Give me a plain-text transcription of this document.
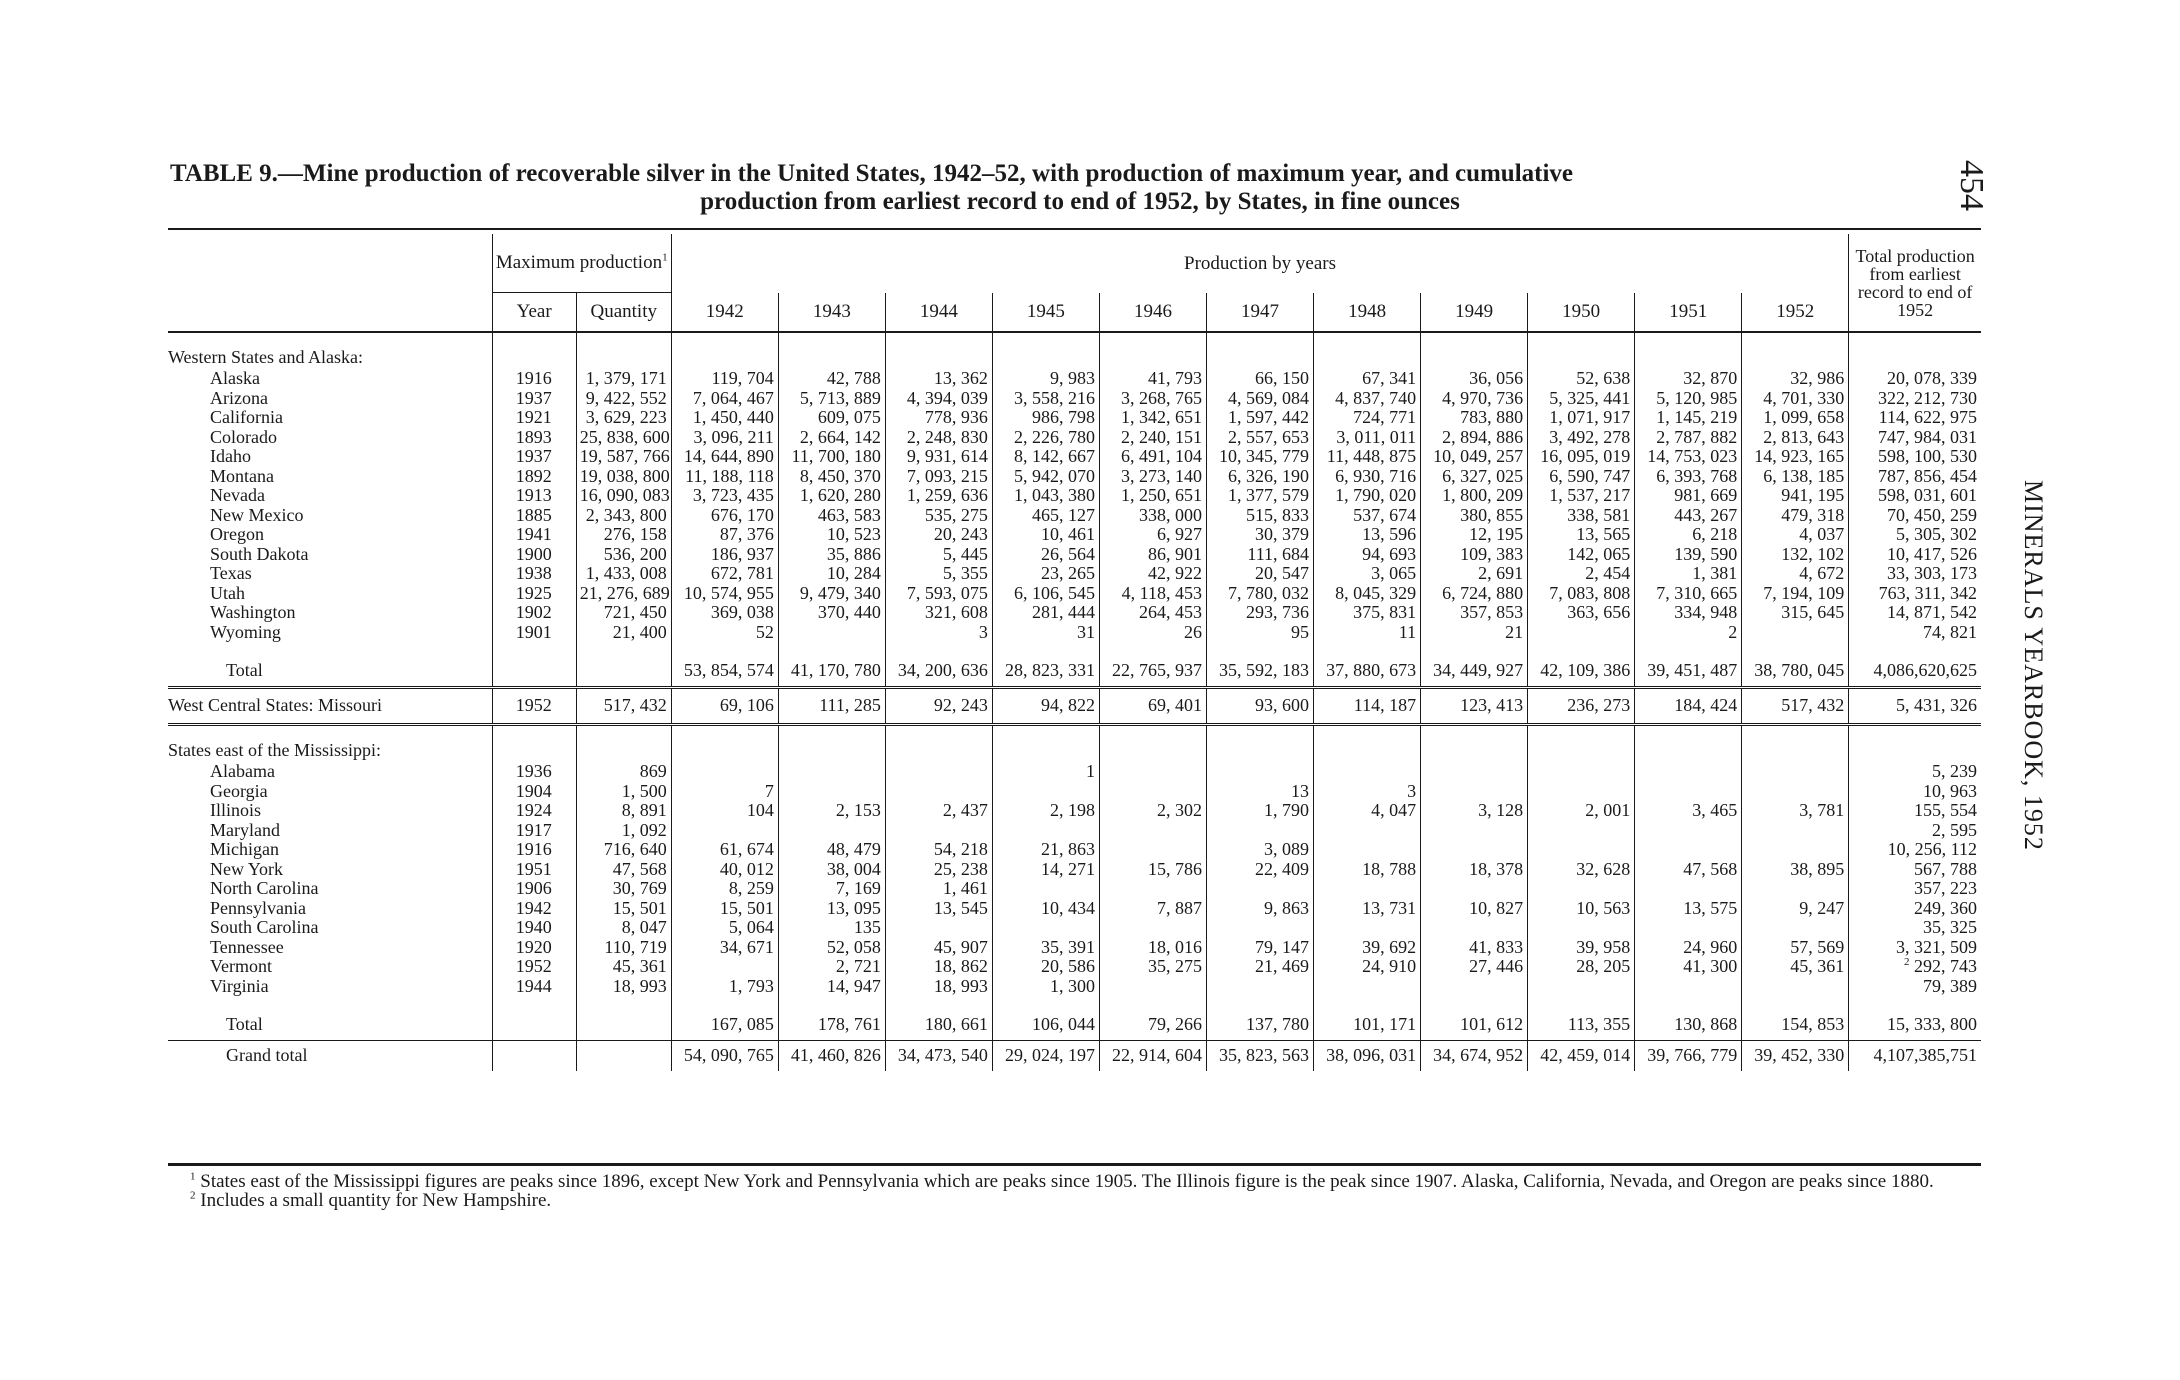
TABLE 9.—Mine production of recoverable silver in the United States, 1942–52, with production of maximum year, and cumulative
production from earliest record to end of 1952, by States, in fine ounces	454
MINERALS YEARBOOK, 1952
	Maximum production$^1$		Production by years											Total production from earliest record to end of 1952
	Year	Quantity	1942	1943	1944	1945	1946	1947	1948	1949	1950	1951	1952	

Western States and Alaska:														
Alaska	1916	1, 379, 171	119, 704	42, 788	13, 362	9, 983	41, 793	66, 150	67, 341	36, 056	52, 638	32, 870	32, 986	20, 078, 339
Arizona	1937	9, 422, 552	7, 064, 467	5, 713, 889	4, 394, 039	3, 558, 216	3, 268, 765	4, 569, 084	4, 837, 740	4, 970, 736	5, 325, 441	5, 120, 985	4, 701, 330	322, 212, 730
California	1921	3, 629, 223	1, 450, 440	609, 075	778, 936	986, 798	1, 342, 651	1, 597, 442	724, 771	783, 880	1, 071, 917	1, 145, 219	1, 099, 658	114, 622, 975
Colorado	1893	25, 838, 600	3, 096, 211	2, 664, 142	2, 248, 830	2, 226, 780	2, 240, 151	2, 557, 653	3, 011, 011	2, 894, 886	3, 492, 278	2, 787, 882	2, 813, 643	747, 984, 031
Idaho	1937	19, 587, 766	14, 644, 890	11, 700, 180	9, 931, 614	8, 142, 667	6, 491, 104	10, 345, 779	11, 448, 875	10, 049, 257	16, 095, 019	14, 753, 023	14, 923, 165	598, 100, 530
Montana	1892	19, 038, 800	11, 188, 118	8, 450, 370	7, 093, 215	5, 942, 070	3, 273, 140	6, 326, 190	6, 930, 716	6, 327, 025	6, 590, 747	6, 393, 768	6, 138, 185	787, 856, 454
Nevada	1913	16, 090, 083	3, 723, 435	1, 620, 280	1, 259, 636	1, 043, 380	1, 250, 651	1, 377, 579	1, 790, 020	1, 800, 209	1, 537, 217	981, 669	941, 195	598, 031, 601
New Mexico	1885	2, 343, 800	676, 170	463, 583	535, 275	465, 127	338, 000	515, 833	537, 674	380, 855	338, 581	443, 267	479, 318	70, 450, 259
Oregon	1941	276, 158	87, 376	10, 523	20, 243	10, 461	6, 927	30, 379	13, 596	12, 195	13, 565	6, 218	4, 037	5, 305, 302
South Dakota	1900	536, 200	186, 937	35, 886	5, 445	26, 564	86, 901	111, 684	94, 693	109, 383	142, 065	139, 590	132, 102	10, 417, 526
Texas	1938	1, 433, 008	672, 781	10, 284	5, 355	23, 265	42, 922	20, 547	3, 065	2, 691	2, 454	1, 381	4, 672	33, 303, 173
Utah	1925	21, 276, 689	10, 574, 955	9, 479, 340	7, 593, 075	6, 106, 545	4, 118, 453	7, 780, 032	8, 045, 329	6, 724, 880	7, 083, 808	7, 310, 665	7, 194, 109	763, 311, 342
Washington	1902	721, 450	369, 038	370, 440	321, 608	281, 444	264, 453	293, 736	375, 831	357, 853	363, 656	334, 948	315, 645	14, 871, 542
Wyoming	1901	21, 400	52		3	31	26	95	11	21		2		74, 821

Total			53, 854, 574	41, 170, 780	34, 200, 636	28, 823, 331	22, 765, 937	35, 592, 183	37, 880, 673	34, 449, 927	42, 109, 386	39, 451, 487	38, 780, 045	4,086,620,625
West Central States: Missouri	1952	517, 432	69, 106	111, 285	92, 243	94, 822	69, 401	93, 600	114, 187	123, 413	236, 273	184, 424	517, 432	5, 431, 326

States east of the Mississippi:														
Alabama	1936	869				1								5, 239
Georgia	1904	1, 500	7					13	3					10, 963
Illinois	1924	8, 891	104	2, 153	2, 437	2, 198	2, 302	1, 790	4, 047	3, 128	2, 001	3, 465	3, 781	155, 554
Maryland	1917	1, 092												2, 595
Michigan	1916	716, 640	61, 674	48, 479	54, 218	21, 863		3, 089						10, 256, 112
New York	1951	47, 568	40, 012	38, 004	25, 238	14, 271	15, 786	22, 409	18, 788	18, 378	32, 628	47, 568	38, 895	567, 788
North Carolina	1906	30, 769	8, 259	7, 169	1, 461									357, 223
Pennsylvania	1942	15, 501	15, 501	13, 095	13, 545	10, 434	7, 887	9, 863	13, 731	10, 827	10, 563	13, 575	9, 247	249, 360
South Carolina	1940	8, 047	5, 064	135										35, 325
Tennessee	1920	110, 719	34, 671	52, 058	45, 907	35, 391	18, 016	79, 147	39, 692	41, 833	39, 958	24, 960	57, 569	3, 321, 509
Vermont	1952	45, 361		2, 721	18, 862	20, 586	35, 275	21, 469	24, 910	27, 446	28, 205	41, 300	45, 361	$^2$ 292, 743
Virginia	1944	18, 993	1, 793	14, 947	18, 993	1, 300								79, 389

Total			167, 085	178, 761	180, 661	106, 044	79, 266	137, 780	101, 171	101, 612	113, 355	130, 868	154, 853	15, 333, 800
Grand total			54, 090, 765	41, 460, 826	34, 473, 540	29, 024, 197	22, 914, 604	35, 823, 563	38, 096, 031	34, 674, 952	42, 459, 014	39, 766, 779	39, 452, 330	4,107,385,751

$^1$ States east of the Mississippi figures are peaks since 1896, except New York and Pennsylvania which are peaks since 1905. The Illinois figure is the peak since 1907. Alaska, California, Nevada, and Oregon are peaks since 1880.

$^2$ Includes a small quantity for New Hampshire.
